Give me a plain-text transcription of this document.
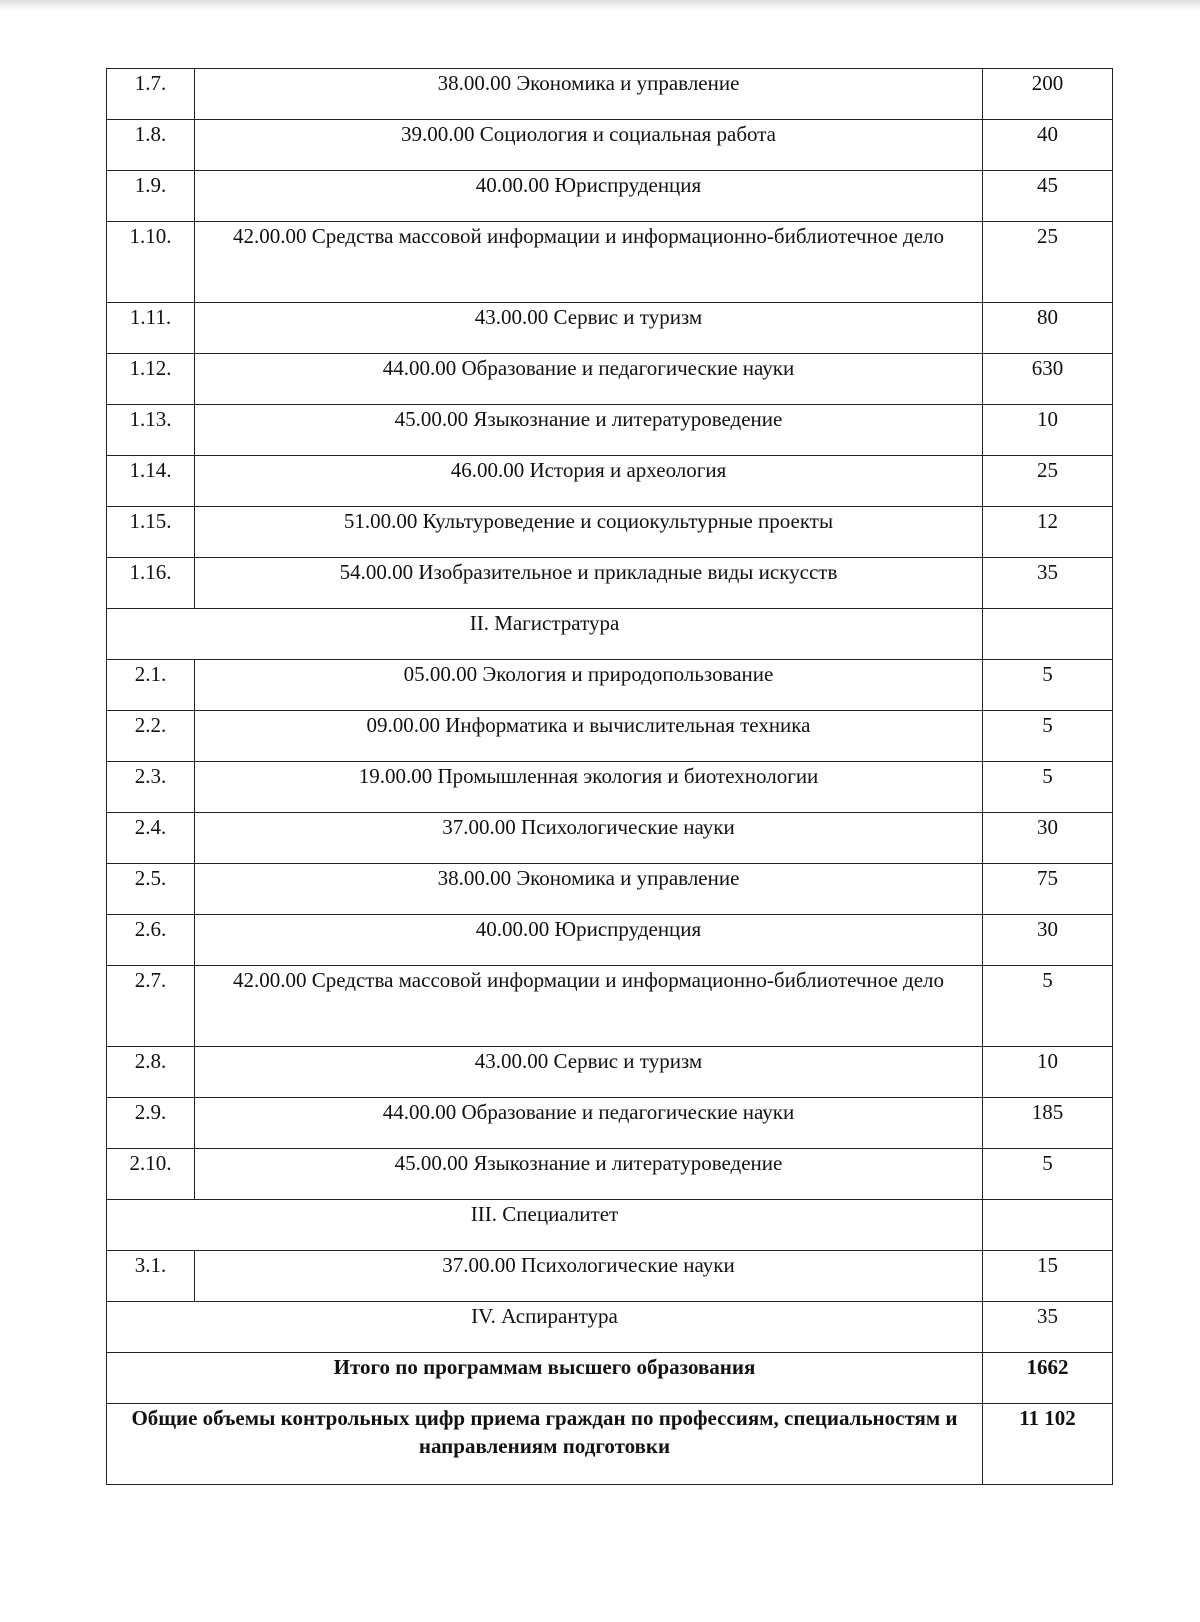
1.7.	38.00.00 Экономика и управление	200
1.8.	39.00.00 Социология и социальная работа	40
1.9.	40.00.00 Юриспруденция	45
1.10.	42.00.00 Средства массовой информации и информационно-библиотечное дело	25
1.11.	43.00.00 Сервис и туризм	80
1.12.	44.00.00 Образование и педагогические науки	630
1.13.	45.00.00 Языкознание и литературоведение	10
1.14.	46.00.00 История и археология	25
1.15.	51.00.00 Культуроведение и социокультурные проекты	12
1.16.	54.00.00 Изобразительное и прикладные виды искусств	35
II. Магистратура		
2.1.	05.00.00 Экология и природопользование	5
2.2.	09.00.00 Информатика и вычислительная техника	5
2.3.	19.00.00 Промышленная экология и биотехнологии	5
2.4.	37.00.00 Психологические науки	30
2.5.	38.00.00 Экономика и управление	75
2.6.	40.00.00 Юриспруденция	30
2.7.	42.00.00 Средства массовой информации и информационно-библиотечное дело	5
2.8.	43.00.00 Сервис и туризм	10
2.9.	44.00.00 Образование и педагогические науки	185
2.10.	45.00.00 Языкознание и литературоведение	5
III. Специалитет		
3.1.	37.00.00 Психологические науки	15
IV. Аспирантура		35
Итого по программам высшего образования		1662
Общие объемы контрольных цифр приема граждан по профессиям, специальностям и направлениям подготовки		11 102
